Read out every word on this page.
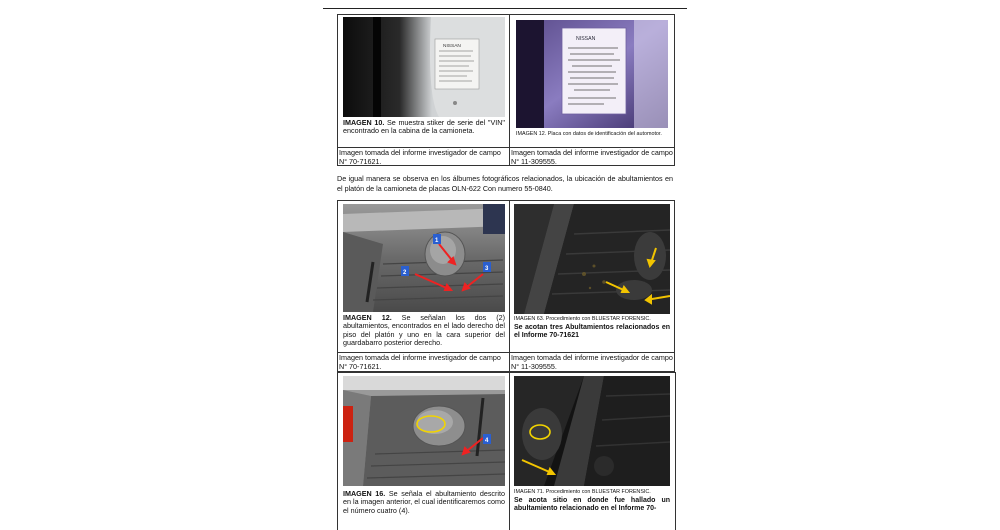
NISSAN
IMAGEN 10. Se muestra stiker de serie del "VIN" encontrado en la cabina de la camioneta.
NISSAN
IMAGEN 12. Placa con datos de identificación del automotor.
Imagen tomada del informe investigador de campo N° 70-71621.
Imagen tomada del informe investigador de campo N° 11-309555.
De igual manera se observa en los álbumes fotográficos relacionados, la ubicación de abultamientos en el platón de la camioneta de placas OLN-622 Con numero 55-0840.
1
2
3
IMAGEN 12. Se señalan los dos (2) abultamientos, encontrados en el lado derecho del piso del platón y uno en la cara superior del guardabarro posterior derecho.
IMAGEN 63. Procedimiento con BLUESTAR FORENSIC.
Se acotan tres Abultamientos relacionados en el Informe 70-71621
Imagen tomada del informe investigador de campo N° 70-71621.
Imagen tomada del informe investigador de campo N° 11-309555.
4
IMAGEN 16. Se señala el abultamiento descrito en la imagen anterior, el cual identificaremos como el número cuatro (4).
IMAGEN 71. Procedimiento con BLUESTAR FORENSIC.
Se acota sitio en donde fue hallado un abultamiento relacionado en el Informe 70-
